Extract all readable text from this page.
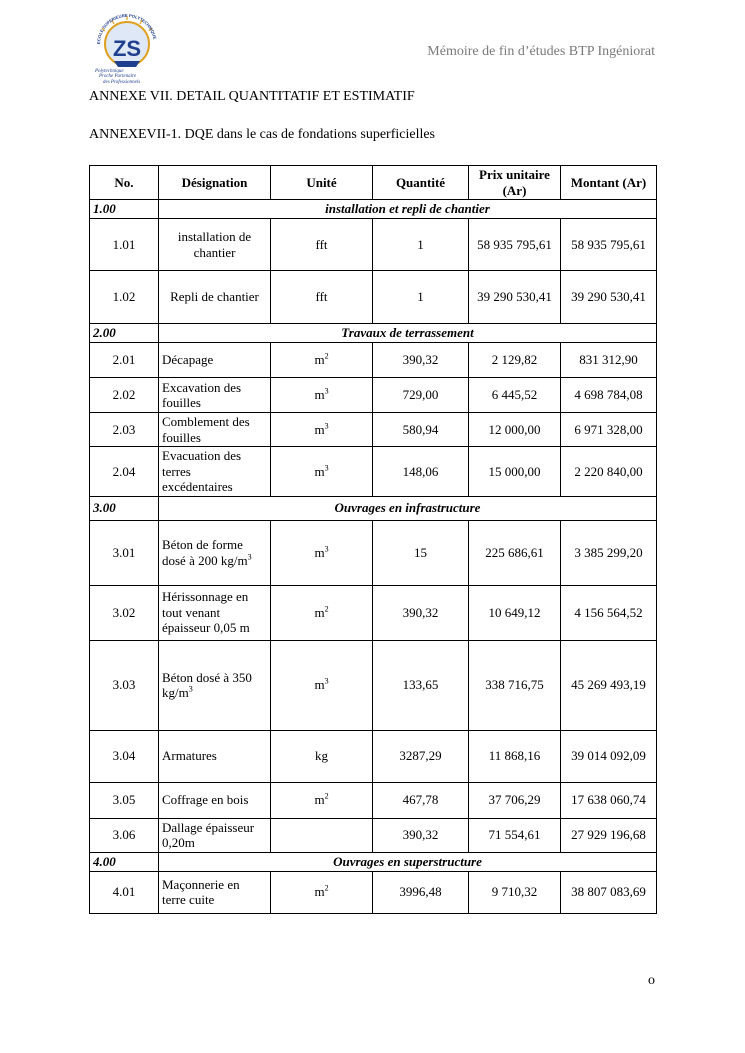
ECOLE SUPERIEURE POLYTECHNIQUE
ZS
Polytechnique
Proche Partenaire
des Professionnels
Mémoire de fin d’études BTP Ingéniorat
ANNEXE VII. DETAIL QUANTITATIF ET ESTIMATIF
ANNEXEVII-1. DQE dans le cas de fondations superficielles
No.	Désignation	Unité	Quantité	Prix unitaire
(Ar)	Montant (Ar)
1.00	installation et repli de chantier				
1.01	installation de
chantier	fft	1	58 935 795,61	58 935 795,61
1.02	Repli de chantier	fft	1	39 290 530,41	39 290 530,41
2.00	Travaux de terrassement				
2.01	Décapage	$m^2$	390,32	2 129,82	831 312,90
2.02	Excavation des
fouilles	$m^3$	729,00	6 445,52	4 698 784,08
2.03	Comblement des
fouilles	$m^3$	580,94	12 000,00	6 971 328,00
2.04	Evacuation des
terres
excédentaires	$m^3$	148,06	15 000,00	2 220 840,00
3.00	Ouvrages en infrastructure				
3.01	Béton de forme
dosé à 200 $kg/m^3$	$m^3$	15	225 686,61	3 385 299,20
3.02	Hérissonnage en
tout venant
épaisseur 0,05 m	$m^2$	390,32	10 649,12	4 156 564,52
3.03	Béton dosé à 350
$kg/m^3$	$m^3$	133,65	338 716,75	45 269 493,19
3.04	Armatures	kg	3287,29	11 868,16	39 014 092,09
3.05	Coffrage en bois	$m^2$	467,78	37 706,29	17 638 060,74
3.06	Dallage épaisseur
0,20m		390,32	71 554,61	27 929 196,68
4.00	Ouvrages en superstructure				
4.01	Maçonnerie en
terre cuite	$m^2$	3996,48	9 710,32	38 807 083,69
o
